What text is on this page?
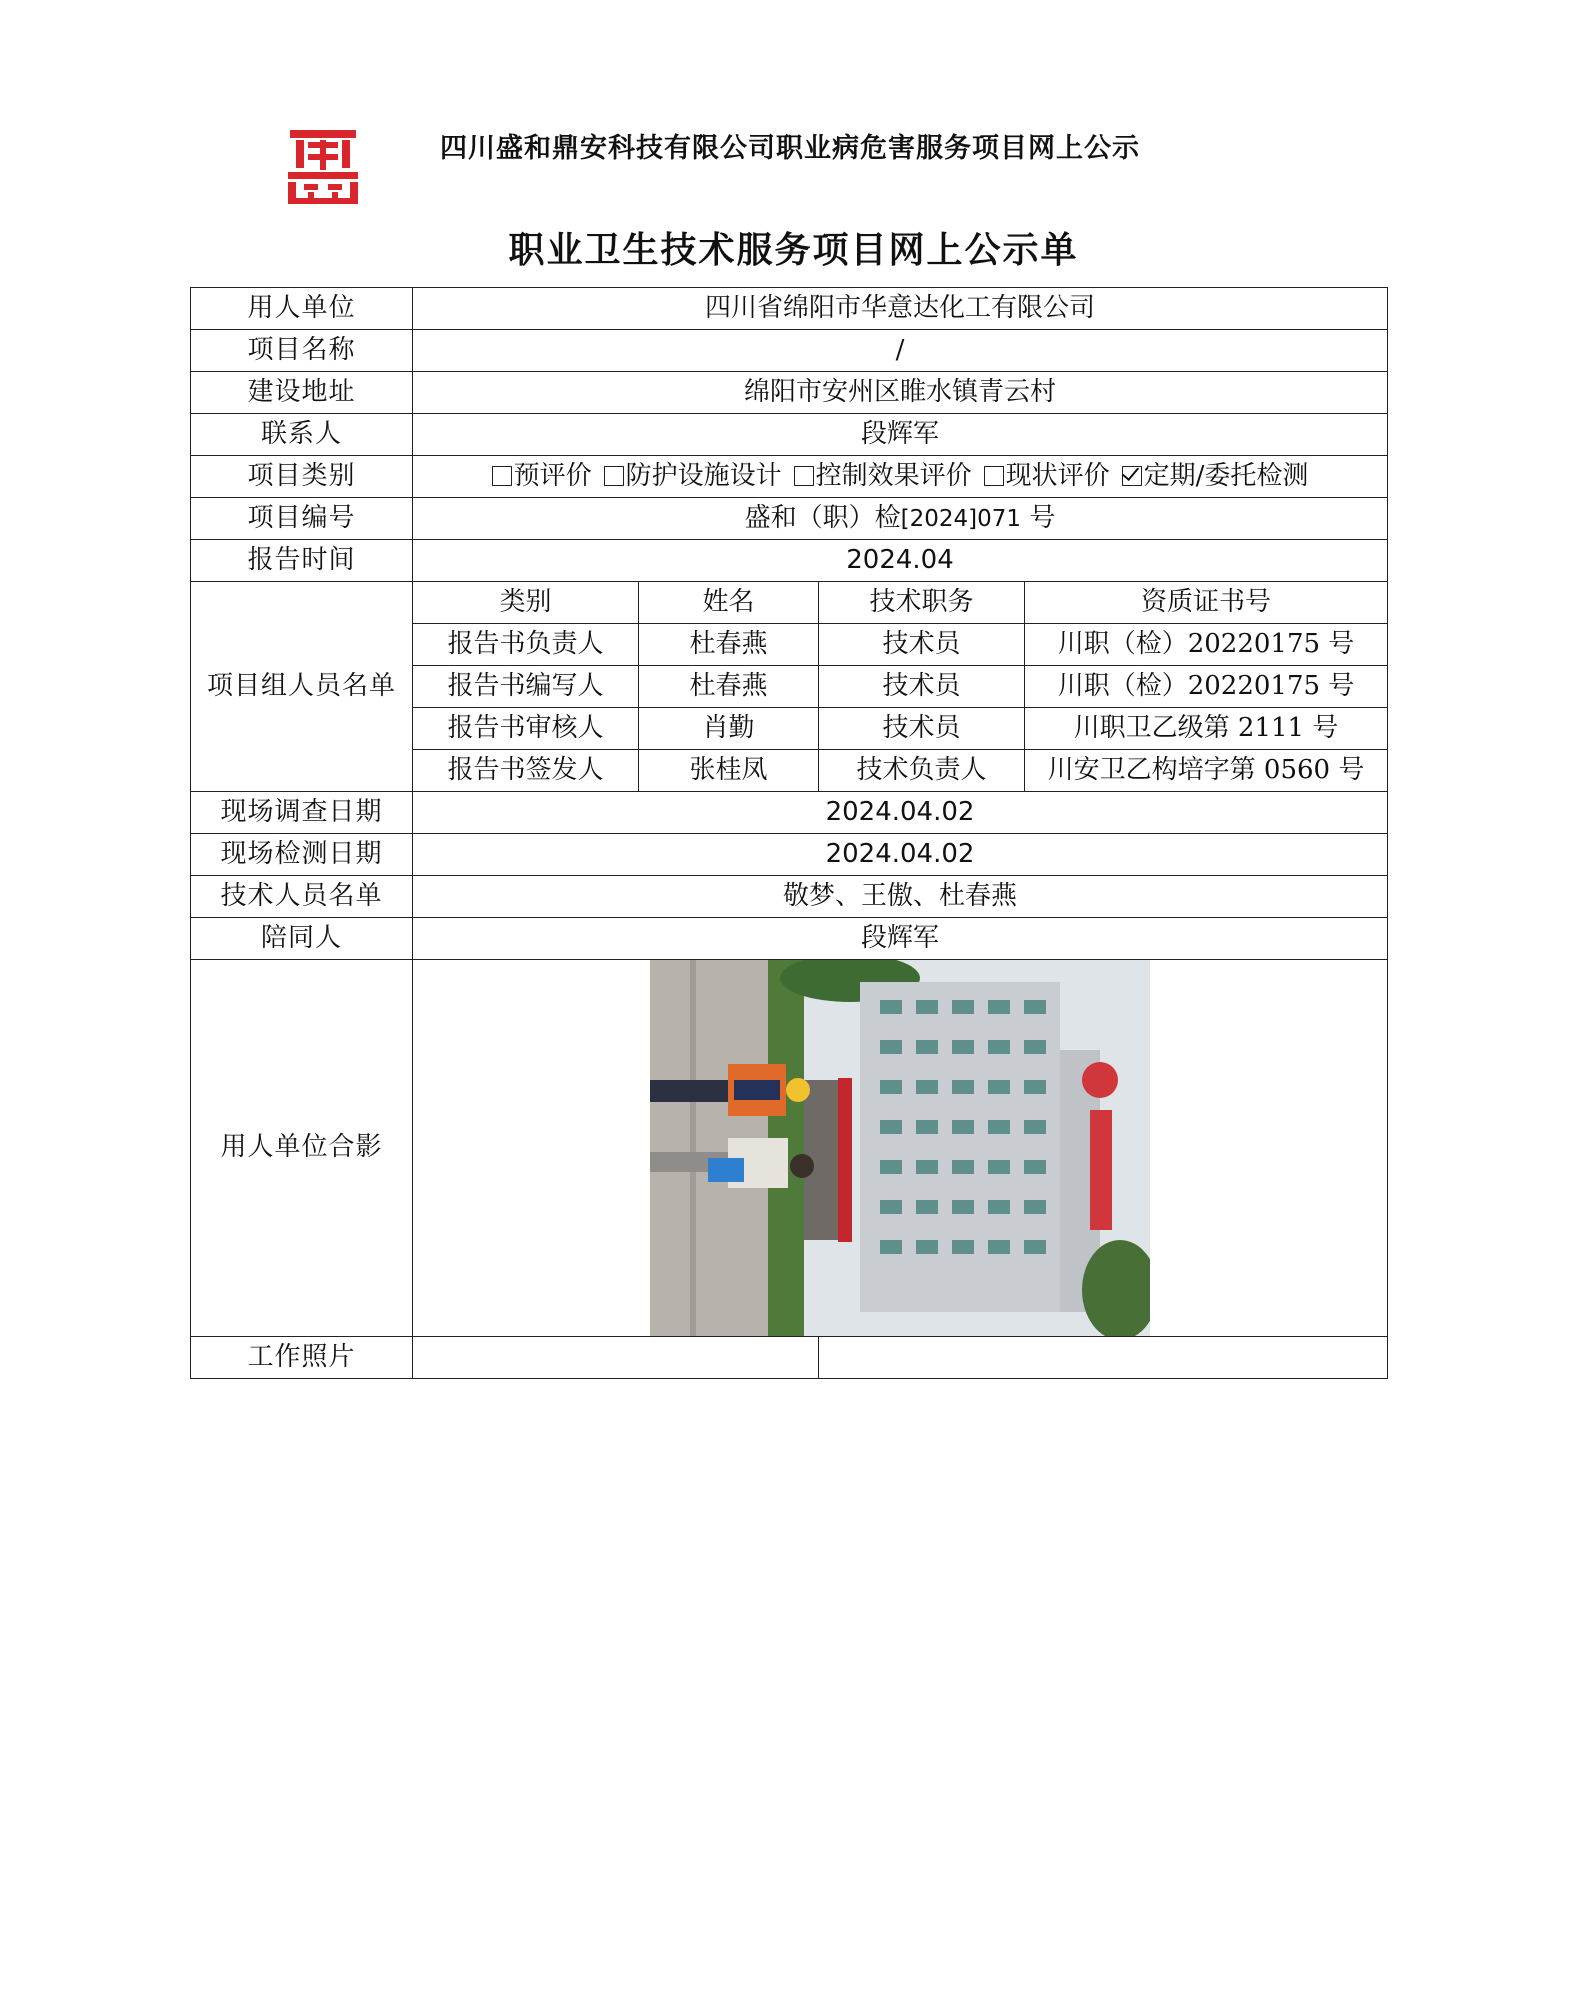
四川盛和鼎安科技有限公司职业病危害服务项目网上公示
职业卫生技术服务项目网上公示单
用人单位	四川省绵阳市华意达化工有限公司			
项目名称	/			
建设地址	绵阳市安州区睢水镇青云村			
联系人	段辉军			
项目类别	预评价 防护设施设计 控制效果评价 现状评价 定期/委托检测			
项目编号	盛和（职）检[2024]071 号			
报告时间	2024.04			
项目组人员名单	类别	姓名	技术职务	资质证书号
	报告书负责人	杜春燕	技术员	川职（检）20220175 号
	报告书编写人	杜春燕	技术员	川职（检）20220175 号
	报告书审核人	肖勤	技术员	川职卫乙级第 2111 号
	报告书签发人	张桂凤	技术负责人	川安卫乙构培字第 0560 号
现场调查日期	2024.04.02			
现场检测日期	2024.04.02			
技术人员名单	敬梦、王傲、杜春燕			
陪同人	段辉军			
用人单位合影	

工作照片				
